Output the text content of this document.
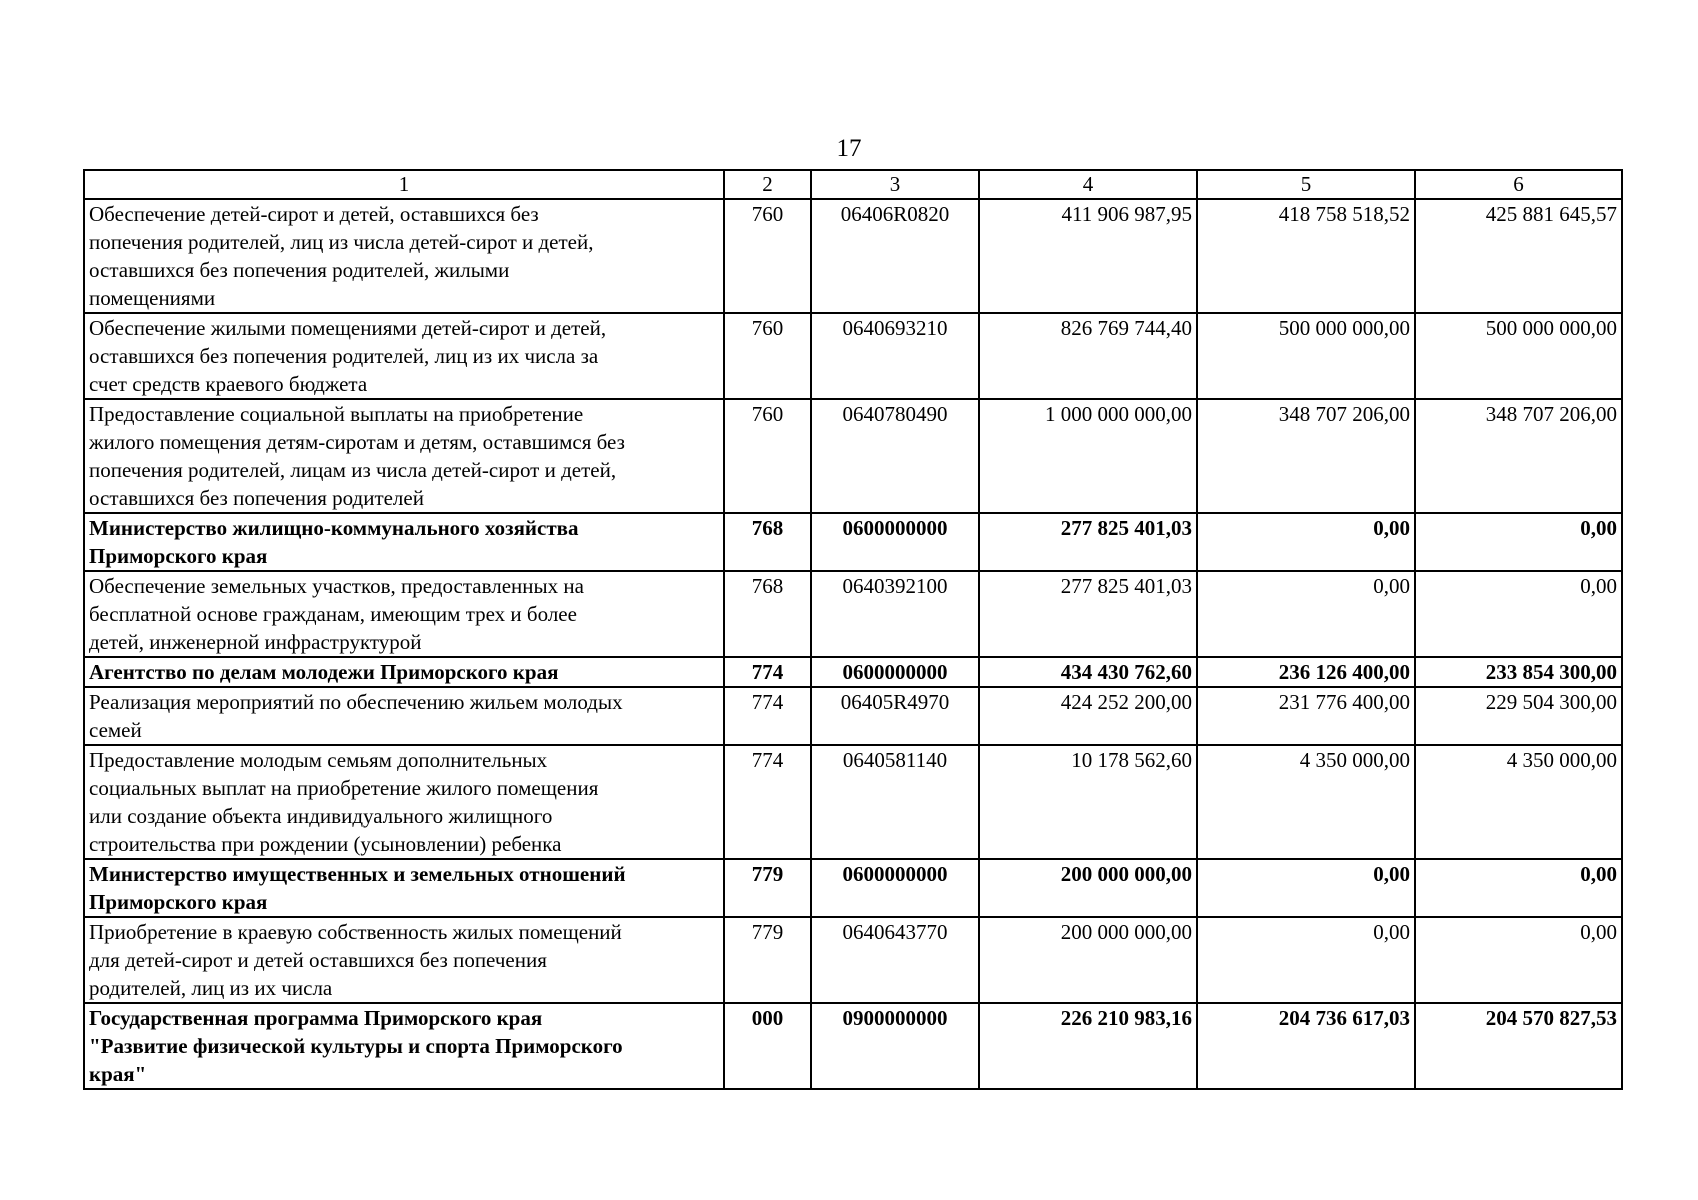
17
1	2	3	4	5	6

Обеспечение детей-сирот и детей, оставшихся без
попечения родителей, лиц из числа детей-сирот и детей,
оставшихся без попечения родителей, жилыми
помещениями	760	06406R0820	411 906 987,95	418 758 518,52	425 881 645,57

Обеспечение жилыми помещениями детей-сирот и детей,
оставшихся без попечения родителей, лиц из их числа за
счет средств краевого бюджета	760	0640693210	826 769 744,40	500 000 000,00	500 000 000,00

Предоставление социальной выплаты на приобретение
жилого помещения детям-сиротам и детям, оставшимся без
попечения родителей, лицам из числа детей-сирот и детей,
оставшихся без попечения родителей	760	0640780490	1 000 000 000,00	348 707 206,00	348 707 206,00

Министерство жилищно-коммунального хозяйства
Приморского края	768	0600000000	277 825 401,03	0,00	0,00

Обеспечение земельных участков, предоставленных на
бесплатной основе гражданам, имеющим трех и более
детей, инженерной инфраструктурой	768	0640392100	277 825 401,03	0,00	0,00

Агентство по делам молодежи Приморского края	774	0600000000	434 430 762,60	236 126 400,00	233 854 300,00

Реализация мероприятий по обеспечению жильем молодых
семей	774	06405R4970	424 252 200,00	231 776 400,00	229 504 300,00

Предоставление молодым семьям дополнительных
социальных выплат на приобретение жилого помещения
или создание объекта индивидуального жилищного
строительства при рождении (усыновлении) ребенка	774	0640581140	10 178 562,60	4 350 000,00	4 350 000,00

Министерство имущественных и земельных отношений
Приморского края	779	0600000000	200 000 000,00	0,00	0,00

Приобретение в краевую собственность жилых помещений
для детей-сирот и детей оставшихся без попечения
родителей, лиц из их числа	779	0640643770	200 000 000,00	0,00	0,00

Государственная программа Приморского края
"Развитие физической культуры и спорта Приморского
края"	000	0900000000	226 210 983,16	204 736 617,03	204 570 827,53
